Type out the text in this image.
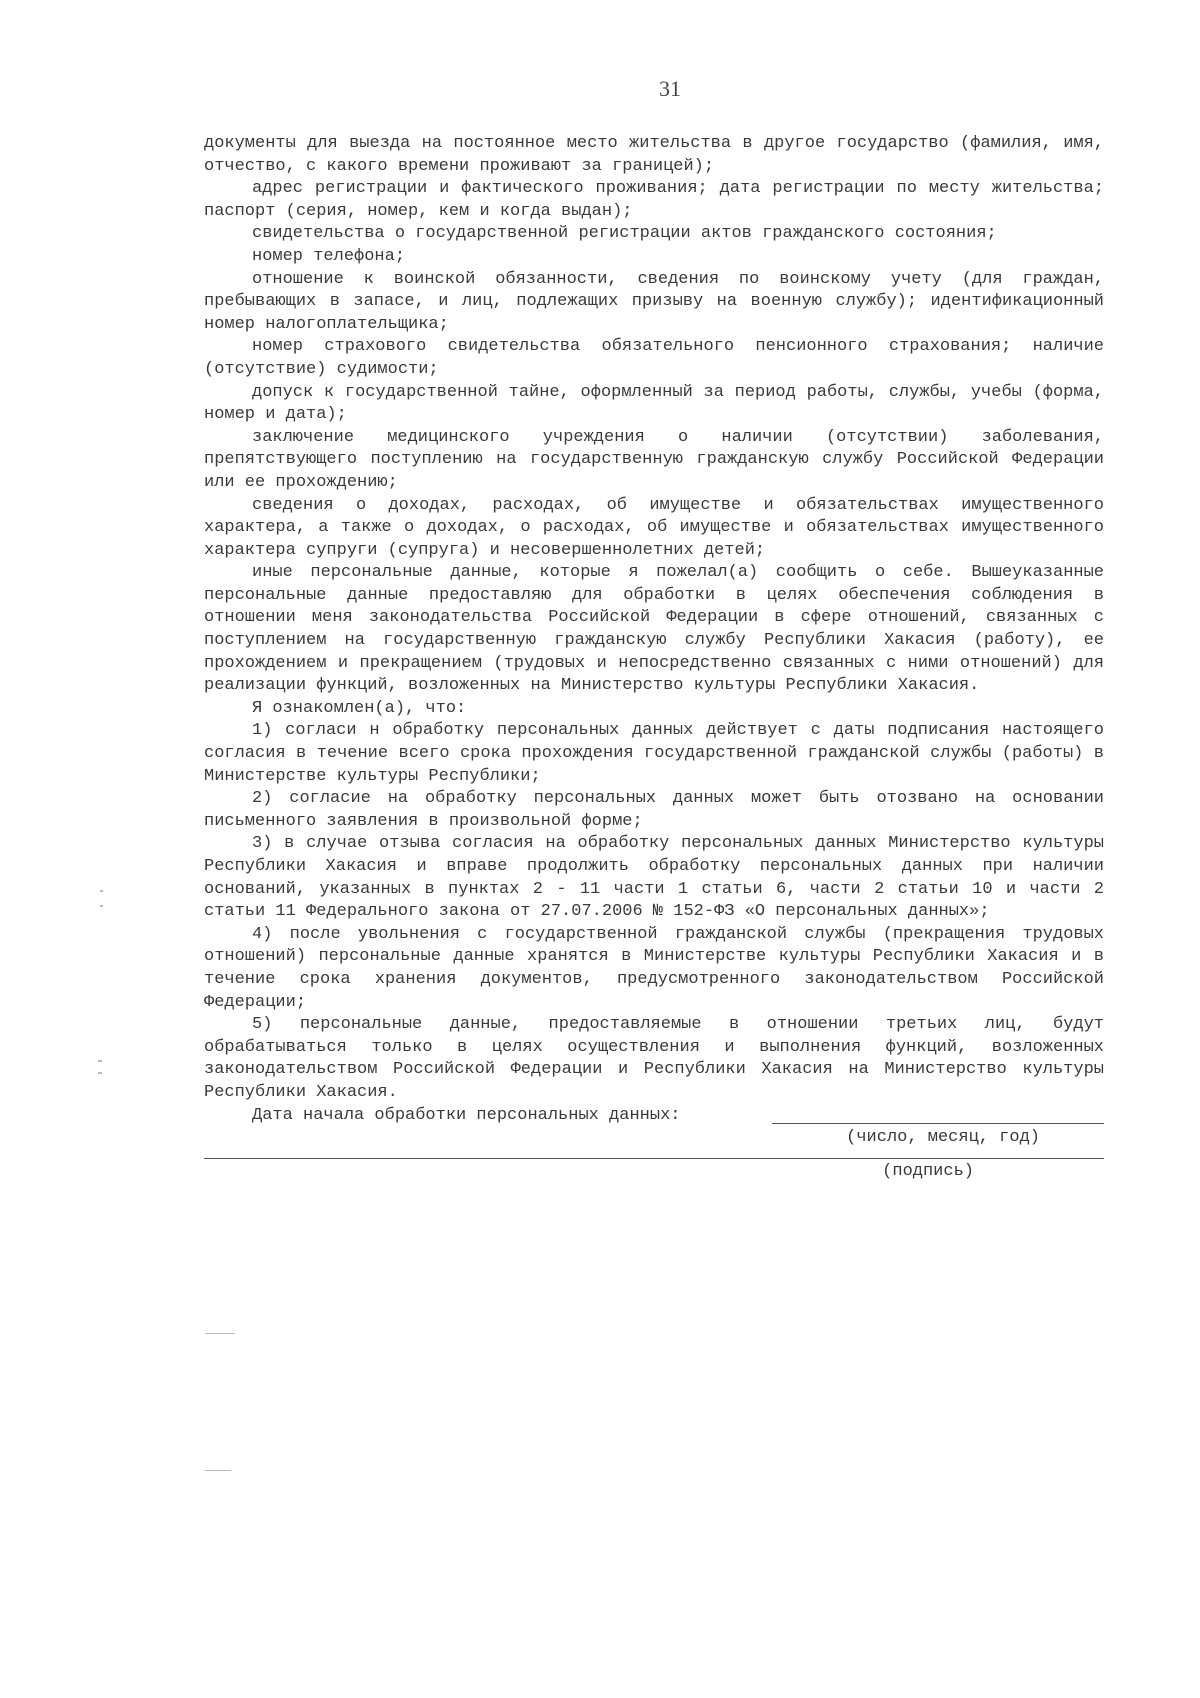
31

документы для выезда на постоянное место жительства в другое государство (фамилия, имя, отчество, с какого времени проживают за границей);

адрес регистрации и фактического проживания; дата регистрации по месту жительства; паспорт (серия, номер, кем и когда выдан);

свидетельства о государственной регистрации актов гражданского состояния;

номер телефона;

отношение к воинской обязанности, сведения по воинскому учету (для граждан, пребывающих в запасе, и лиц, подлежащих призыву на военную службу); идентификационный номер налогоплательщика;

номер страхового свидетельства обязательного пенсионного страхования; наличие (отсутствие) судимости;

допуск к государственной тайне, оформленный за период работы, службы, учебы (форма, номер и дата);

заключение медицинского учреждения о наличии (отсутствии) заболевания, препятствующего поступлению на государственную гражданскую службу Российской Федерации или ее прохождению;

сведения о доходах, расходах, об имуществе и обязательствах имущественного характера, а также о доходах, о расходах, об имуществе и обязательствах имущественного характера супруги (супруга) и несовершеннолетних детей;

иные персональные данные, которые я пожелал(а) сообщить о себе. Вышеуказанные персональные данные предоставляю для обработки в целях обеспечения соблюдения в отношении меня законодательства Российской Федерации в сфере отношений, связанных с поступлением на государственную гражданскую службу Республики Хакасия (работу), ее прохождением и прекращением (трудовых и непосредственно связанных с ними отношений) для реализации функций, возложенных на Министерство культуры Республики Хакасия.

Я ознакомлен(а), что:

1) согласи н обработку персональных данных действует с даты подписания настоящего согласия в течение всего срока прохождения государственной гражданской службы (работы) в Министерстве культуры Республики;

2) согласие на обработку персональных данных может быть отозвано на основании письменного заявления в произвольной форме;

3) в случае отзыва согласия на обработку персональных данных Министерство культуры Республики Хакасия и вправе продолжить обработку персональных данных при наличии оснований, указанных в пунктах 2 - 11 части 1 статьи 6, части 2 статьи 10 и части 2 статьи 11 Федерального закона от 27.07.2006 № 152-ФЗ «О персональных данных»;

4) после увольнения с государственной гражданской службы (прекращения трудовых отношений) персональные данные хранятся в Министерстве культуры Республики Хакасия и в течение срока хранения документов, предусмотренного законодательством Российской Федерации;

5) персональные данные, предоставляемые в отношении третьих лиц, будут обрабатываться только в целях осуществления и выполнения функций, возложенных законодательством Российской Федерации и Республики Хакасия на Министерство культуры Республики Хакасия.

Дата начала обработки персональных данных:

(число, месяц, год)

(подпись)
